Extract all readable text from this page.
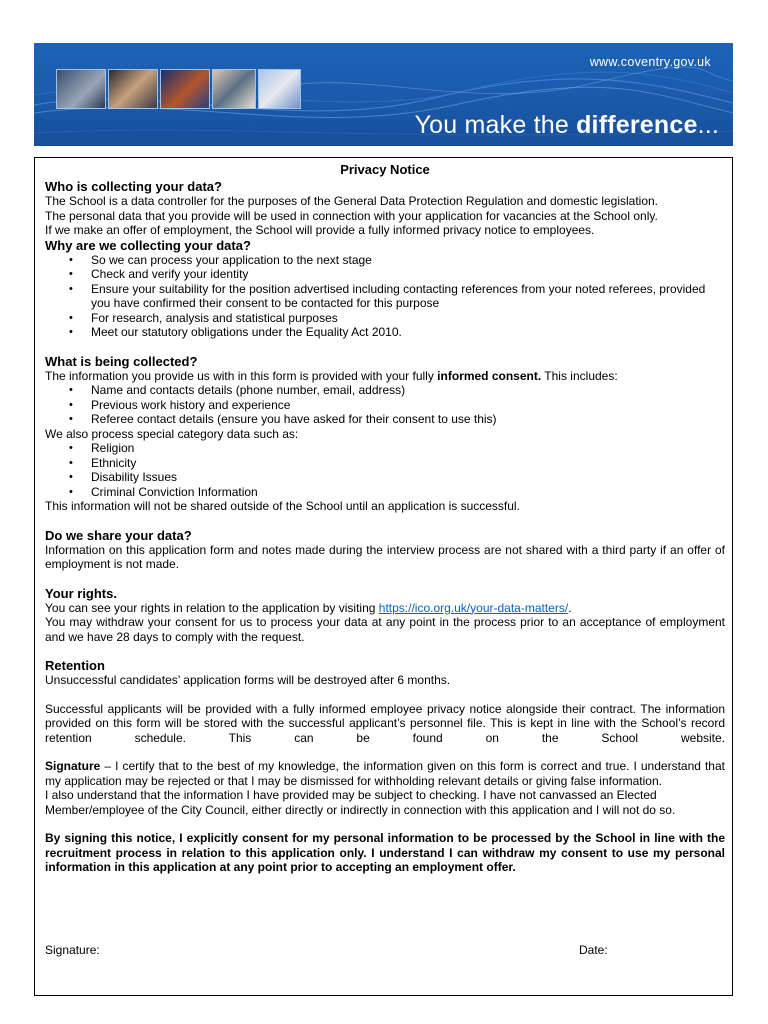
www.coventry.gov.uk
You make the difference...
Privacy Notice
Who is collecting your data?

The School is a data controller for the purposes of the General Data Protection Regulation and domestic legislation.

The personal data that you provide will be used in connection with your application for vacancies at the School only.

If we make an offer of employment, the School will provide a fully informed privacy notice to employees.

Why are we collecting your data?
• So we can process your application to the next stage
• Check and verify your identity
• Ensure your suitability for the position advertised including contacting references from your noted referees, provided you have confirmed their consent to be contacted for this purpose
• For research, analysis and statistical purposes
• Meet our statutory obligations under the Equality Act 2010.
What is being collected?

The information you provide us with in this form is provided with your fully informed consent. This includes:

• Name and contacts details (phone number, email, address)
• Previous work history and experience
• Referee contact details (ensure you have asked for their consent to use this)

We also process special category data such as:

• Religion
• Ethnicity
• Disability Issues
• Criminal Conviction Information

This information will not be shared outside of the School until an application is successful.

Do we share your data?

Information on this application form and notes made during the interview process are not shared with a third party if an offer of employment is not made.

Your rights.

You can see your rights in relation to the application by visiting https://ico.org.uk/your-data-matters/.

You may withdraw your consent for us to process your data at any point in the process prior to an acceptance of employment and we have 28 days to comply with the request.

Retention

Unsuccessful candidates’ application forms will be destroyed after 6 months.

Successful applicants will be provided with a fully informed employee privacy notice alongside their contract. The information provided on this form will be stored with the successful applicant’s personnel file. This is kept in line with the School’s record retention schedule. This can be found on the School website.

Signature – I certify that to the best of my knowledge, the information given on this form is correct and true. I understand that my application may be rejected or that I may be dismissed for withholding relevant details or giving false information.

I also understand that the information I have provided may be subject to checking. I have not canvassed an Elected Member/employee of the City Council, either directly or indirectly in connection with this application and I will not do so.

By signing this notice, I explicitly consent for my personal information to be processed by the School in line with the recruitment process in relation to this application only. I understand I can withdraw my consent to use my personal information in this application at any point prior to accepting an employment offer.

Signature:	Date:
